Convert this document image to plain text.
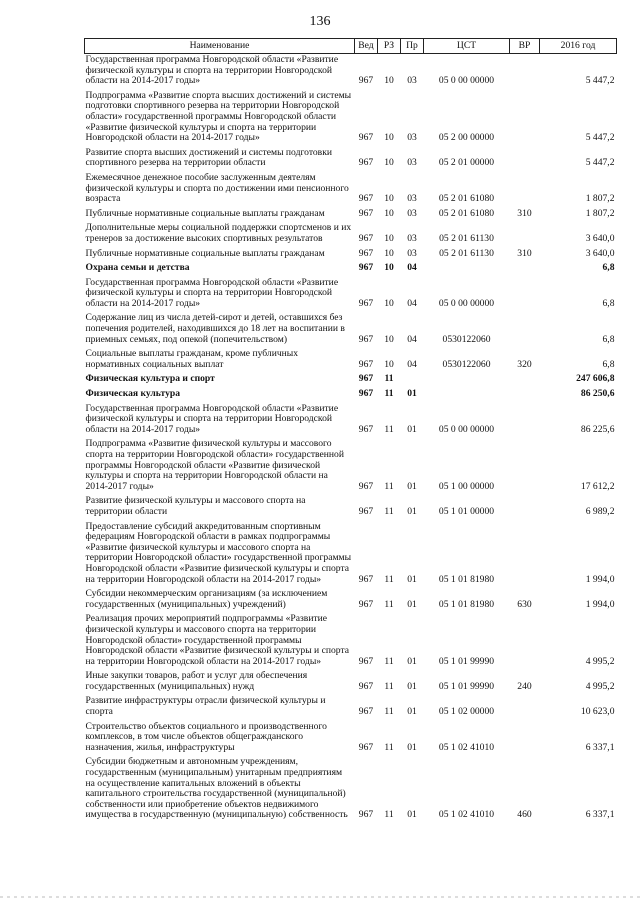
136
Наименование	Вед	РЗ	Пр	ЦСТ	ВР	2016 год
Государственная программа Новгородской области «Развитие физической культуры и спорта на территории Новгородской области на 2014-2017 годы»	967	10	03	05 0 00 00000		5 447,2
Подпрограмма «Развитие спорта высших достижений и системы подготовки спортивного резерва на территории Новгородской области» государственной программы Новгородской области «Развитие физической культуры и спорта на территории Новгородской области на 2014-2017 годы»	967	10	03	05 2 00 00000		5 447,2
Развитие спорта высших достижений и системы подготовки спортивного резерва на территории области	967	10	03	05 2 01 00000		5 447,2
Ежемесячное денежное пособие заслуженным деятелям физической культуры и спорта по достижении ими пенсионного возраста	967	10	03	05 2 01 61080		1 807,2
Публичные нормативные социальные выплаты гражданам	967	10	03	05 2 01 61080	310	1 807,2
Дополнительные меры социальной поддержки спортсменов и их тренеров за достижение высоких спортивных результатов	967	10	03	05 2 01 61130		3 640,0
Публичные нормативные социальные выплаты гражданам	967	10	03	05 2 01 61130	310	3 640,0
Охрана семьи и детства	967	10	04			6,8
Государственная программа Новгородской области «Развитие физической культуры и спорта на территории Новгородской области на 2014-2017 годы»	967	10	04	05 0 00 00000		6,8
Содержание лиц из числа детей-сирот и детей, оставшихся без попечения родителей, находившихся до 18 лет на воспитании в приемных семьях, под опекой (попечительством)	967	10	04	0530122060		6,8
Социальные выплаты гражданам, кроме публичных нормативных социальных выплат	967	10	04	0530122060	320	6,8
Физическая культура и спорт	967	11				247 606,8
Физическая культура	967	11	01			86 250,6
Государственная программа Новгородской области «Развитие физической культуры и спорта на территории Новгородской области на 2014-2017 годы»	967	11	01	05 0 00 00000		86 225,6
Подпрограмма «Развитие физической культуры и массового спорта на территории Новгородской области» государственной программы Новгородской области «Развитие физической культуры и спорта на территории Новгородской области на 2014-2017 годы»	967	11	01	05 1 00 00000		17 612,2
Развитие физической культуры и массового спорта на территории области	967	11	01	05 1 01 00000		6 989,2
Предоставление субсидий аккредитованным спортивным федерациям Новгородской области в рамках подпрограммы «Развитие физической культуры и массового спорта на территории Новгородской области» государственной программы Новгородской области «Развитие физической культуры и спорта на территории Новгородской области на 2014-2017 годы»	967	11	01	05 1 01 81980		1 994,0
Субсидии некоммерческим организациям (за исключением государственных (муниципальных) учреждений)	967	11	01	05 1 01 81980	630	1 994,0
Реализация прочих мероприятий подпрограммы «Развитие физической культуры и массового спорта на территории Новгородской области» государственной программы Новгородской области «Развитие физической культуры и спорта на территории Новгородской области на 2014-2017 годы»	967	11	01	05 1 01 99990		4 995,2
Иные закупки товаров, работ и услуг для обеспечения государственных (муниципальных) нужд	967	11	01	05 1 01 99990	240	4 995,2
Развитие инфраструктуры отрасли физической культуры и спорта	967	11	01	05 1 02 00000		10 623,0
Строительство объектов социального и производственного комплексов, в том числе объектов общегражданского назначения, жилья, инфраструктуры	967	11	01	05 1 02 41010		6 337,1
Субсидии бюджетным и автономным учреждениям, государственным (муниципальным) унитарным предприятиям на осуществление капитальных вложений в объекты капитального строительства государственной (муниципальной) собственности или приобретение объектов недвижимого имущества в государственную (муниципальную) собственность	967	11	01	05 1 02 41010	460	6 337,1
